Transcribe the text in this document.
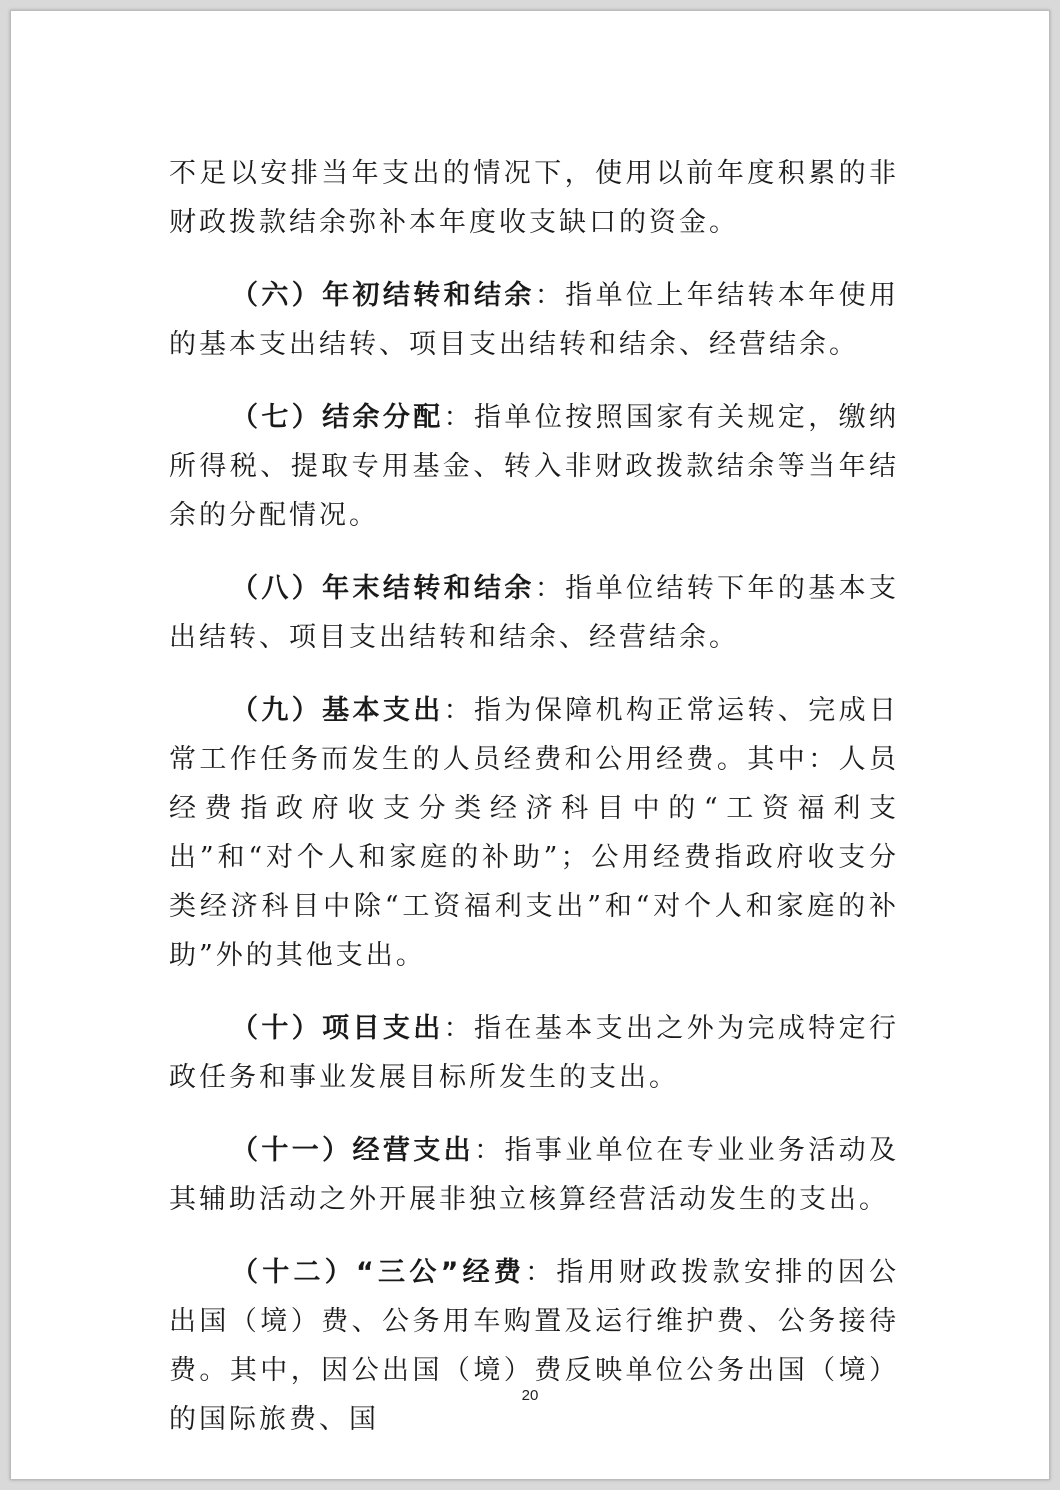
不足以安排当年支出的情况下，使用以前年度积累的非财政拨款结余弥补本年度收支缺口的资金。

（六）年初结转和结余：指单位上年结转本年使用的基本支出结转、项目支出结转和结余、经营结余。

（七）结余分配：指单位按照国家有关规定，缴纳所得税、提取专用基金、转入非财政拨款结余等当年结余的分配情况。

（八）年末结转和结余：指单位结转下年的基本支出结转、项目支出结转和结余、经营结余。

（九）基本支出：指为保障机构正常运转、完成日常工作任务而发生的人员经费和公用经费。其中：人员经费指政府收支分类经济科目中的“工资福利支出”和“对个人和家庭的补助”；公用经费指政府收支分类经济科目中除“工资福利支出”和“对个人和家庭的补助”外的其他支出。

（十）项目支出：指在基本支出之外为完成特定行政任务和事业发展目标所发生的支出。

（十一）经营支出：指事业单位在专业业务活动及其辅助活动之外开展非独立核算经营活动发生的支出。

（十二）“三公”经费：指用财政拨款安排的因公出国（境）费、公务用车购置及运行维护费、公务接待费。其中，因公出国（境）费反映单位公务出国（境）的国际旅费、国

20
